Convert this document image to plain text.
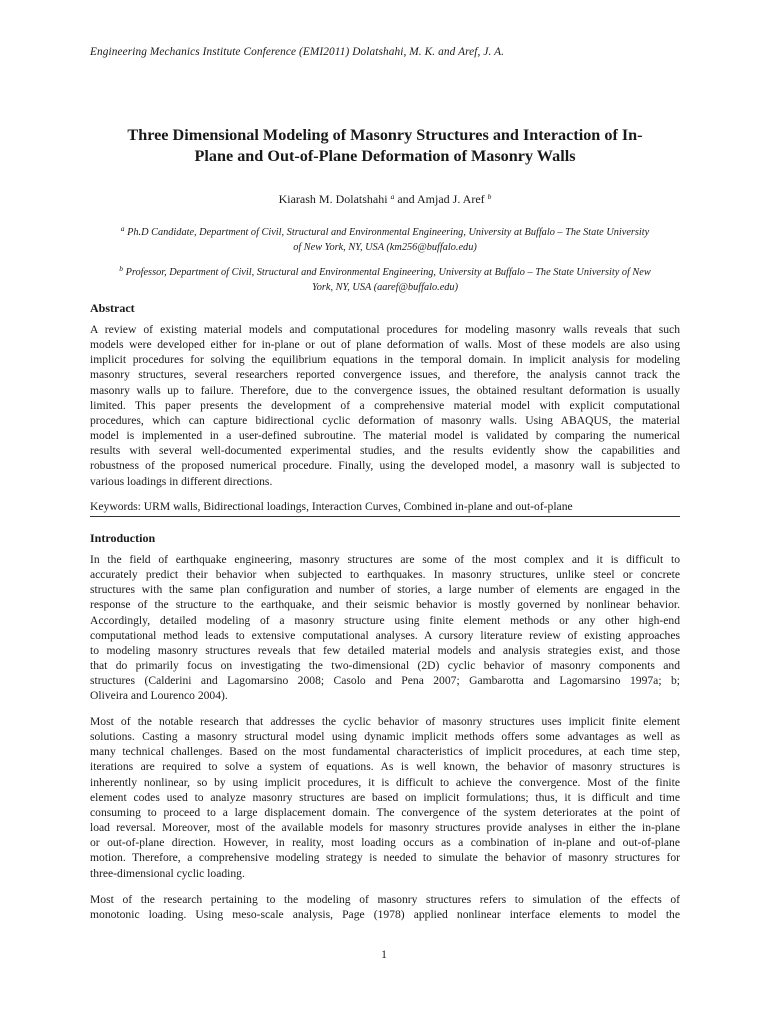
Engineering Mechanics Institute Conference (EMI2011) Dolatshahi, M. K. and Aref, J. A.
Three Dimensional Modeling of Masonry Structures and Interaction of In-
Plane and Out-of-Plane Deformation of Masonry Walls
Kiarash M. Dolatshahi $^a$ and Amjad J. Aref $^b$
$^a$ Ph.D Candidate, Department of Civil, Structural and Environmental Engineering, University at Buffalo – The State University
of New York, NY, USA (km256@buffalo.edu)
$^b$ Professor, Department of Civil, Structural and Environmental Engineering, University at Buffalo – The State University of New
York, NY, USA (aaref@buffalo.edu)
Abstract
A review of existing material models and computational procedures for modeling masonry walls reveals that such
models were developed either for in-plane or out of plane deformation of walls. Most of these models are also using
implicit procedures for solving the equilibrium equations in the temporal domain. In implicit analysis for modeling
masonry structures, several researchers reported convergence issues, and therefore, the analysis cannot track the
masonry walls up to failure. Therefore, due to the convergence issues, the obtained resultant deformation is usually
limited. This paper presents the development of a comprehensive material model with explicit computational
procedures, which can capture bidirectional cyclic deformation of masonry walls. Using ABAQUS, the material
model is implemented in a user-defined subroutine. The material model is validated by comparing the numerical
results with several well-documented experimental studies, and the results evidently show the capabilities and
robustness of the proposed numerical procedure. Finally, using the developed model, a masonry wall is subjected to
various loadings in different directions.
Keywords: URM walls, Bidirectional loadings, Interaction Curves, Combined in-plane and out-of-plane
Introduction
In the field of earthquake engineering, masonry structures are some of the most complex and it is difficult to
accurately predict their behavior when subjected to earthquakes. In masonry structures, unlike steel or concrete
structures with the same plan configuration and number of stories, a large number of elements are engaged in the
response of the structure to the earthquake, and their seismic behavior is mostly governed by nonlinear behavior.
Accordingly, detailed modeling of a masonry structure using finite element methods or any other high-end
computational method leads to extensive computational analyses. A cursory literature review of existing approaches
to modeling masonry structures reveals that few detailed material models and analysis strategies exist, and those
that do primarily focus on investigating the two-dimensional (2D) cyclic behavior of masonry components and
structures (Calderini and Lagomarsino 2008; Casolo and Pena 2007; Gambarotta and Lagomarsino 1997a; b;
Oliveira and Lourenco 2004).
Most of the notable research that addresses the cyclic behavior of masonry structures uses implicit finite element
solutions. Casting a masonry structural model using dynamic implicit methods offers some advantages as well as
many technical challenges. Based on the most fundamental characteristics of implicit procedures, at each time step,
iterations are required to solve a system of equations. As is well known, the behavior of masonry structures is
inherently nonlinear, so by using implicit procedures, it is difficult to achieve the convergence. Most of the finite
element codes used to analyze masonry structures are based on implicit formulations; thus, it is difficult and time
consuming to proceed to a large displacement domain. The convergence of the system deteriorates at the point of
load reversal. Moreover, most of the available models for masonry structures provide analyses in either the in-plane
or out-of-plane direction. However, in reality, most loading occurs as a combination of in-plane and out-of-plane
motion. Therefore, a comprehensive modeling strategy is needed to simulate the behavior of masonry structures for
three-dimensional cyclic loading.
Most of the research pertaining to the modeling of masonry structures refers to simulation of the effects of
monotonic loading. Using meso-scale analysis, Page (1978) applied nonlinear interface elements to model the
1
